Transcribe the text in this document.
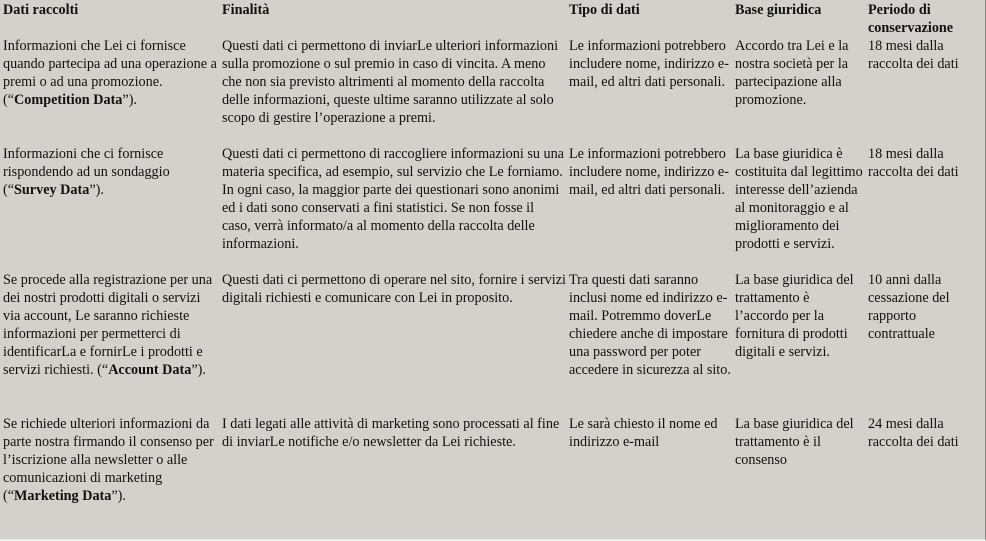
Dati raccolti	Finalità	Tipo di dati	Base giuridica	Periodo di conservazione
Informazioni che Lei ci fornisce quando partecipa ad una operazione a premi o ad una promozione. (“Competition Data”).	Questi dati ci permettono di inviarLe ulteriori informazioni sulla promozione o sul premio in caso di vincita. A meno che non sia previsto altrimenti al momento della raccolta delle informazioni, queste ultime saranno utilizzate al solo scopo di gestire l’operazione a premi.	Le informazioni potrebbero includere nome, indirizzo e-mail, ed altri dati personali.	Accordo tra Lei e la nostra società per la partecipazione alla promozione.	18 mesi dalla raccolta dei dati
Informazioni che ci fornisce rispondendo ad un sondaggio (“Survey Data”).	Questi dati ci permettono di raccogliere informazioni su una materia specifica, ad esempio, sul servizio che Le forniamo. In ogni caso, la maggior parte dei questionari sono anonimi ed i dati sono conservati a fini statistici. Se non fosse il caso, verrà informato/a al momento della raccolta delle informazioni.	Le informazioni potrebbero includere nome, indirizzo e-mail, ed altri dati personali.	La base giuridica è costituita dal legittimo interesse dell’azienda al monitoraggio e al miglioramento dei prodotti e servizi.	18 mesi dalla raccolta dei dati
Se procede alla registrazione per una dei nostri prodotti digitali o servizi via account, Le saranno richieste informazioni per permetterci di identificarLa e fornirLe i prodotti e servizi richiesti. (“Account Data”).	Questi dati ci permettono di operare nel sito, fornire i servizi digitali richiesti e comunicare con Lei in proposito.	Tra questi dati saranno inclusi nome ed indirizzo e-mail. Potremmo doverLe chiedere anche di impostare una password per poter accedere in sicurezza al sito.	La base giuridica del trattamento è l’accordo per la fornitura di prodotti digitali e servizi.	10 anni dalla cessazione del rapporto contrattuale
Se richiede ulteriori informazioni da parte nostra firmando il consenso per l’iscrizione alla newsletter o alle comunicazioni di marketing (“Marketing Data”).	I dati legati alle attività di marketing sono processati al fine di inviarLe notifiche e/o newsletter da Lei richieste.	Le sarà chiesto il nome ed indirizzo e-mail	La base giuridica del trattamento è il consenso	24 mesi dalla raccolta dei dati
